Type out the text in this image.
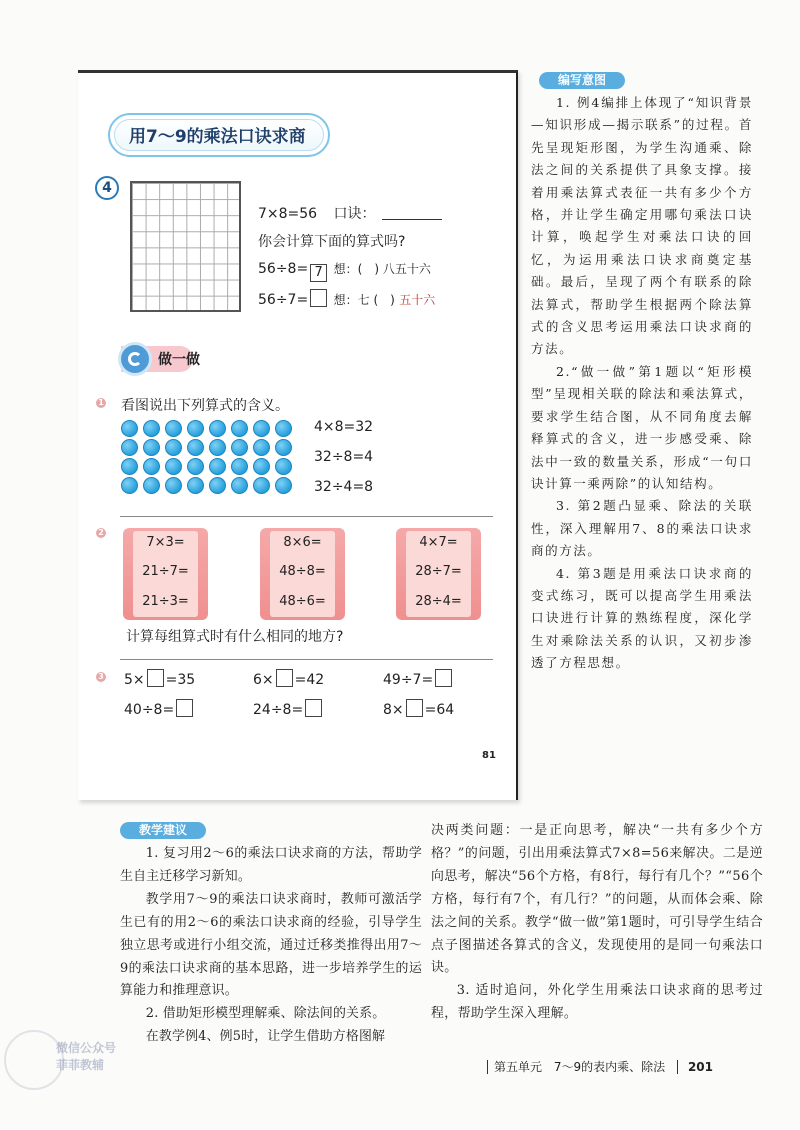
用7～9的乘法口诀求商
4
7×8=56 口诀：
你会计算下面的算式吗?
56÷8= 7 想：(　) 八五十六
56÷7= 想：七 (　) 五十六
做一做
1 看图说出下列算式的含义。
4×8=32
32÷8=4
32÷4=8
2
7×3=
21÷7=
21÷3=
8×6=
48÷8=
48÷6=
4×7=
28÷7=
28÷4=
计算每组算式时有什么相同的地方?
3
81
编写意图

1. 例4编排上体现了“知识背景—知识形成—揭示联系”的过程。首先呈现矩形图，为学生沟通乘、除法之间的关系提供了具象支撑。接着用乘法算式表征一共有多少个方格，并让学生确定用哪句乘法口诀计算，唤起学生对乘法口诀的回忆，为运用乘法口诀求商奠定基础。最后，呈现了两个有联系的除法算式，帮助学生根据两个除法算式的含义思考运用乘法口诀求商的方法。

2.“做一做”第1题以“矩形模型”呈现相关联的除法和乘法算式，要求学生结合图，从不同角度去解释算式的含义，进一步感受乘、除法中一致的数量关系，形成“一句口诀计算一乘两除”的认知结构。

3. 第2题凸显乘、除法的关联性，深入理解用7、8的乘法口诀求商的方法。

4. 第3题是用乘法口诀求商的变式练习，既可以提高学生用乘法口诀进行计算的熟练程度，深化学生对乘除法关系的认识，又初步渗透了方程思想。

教学建议

1. 复习用2～6的乘法口诀求商的方法，帮助学生自主迁移学习新知。

教学用7～9的乘法口诀求商时，教师可激活学生已有的用2～6的乘法口诀求商的经验，引导学生独立思考或进行小组交流，通过迁移类推得出用7～9的乘法口诀求商的基本思路，进一步培养学生的运算能力和推理意识。

2. 借助矩形模型理解乘、除法间的关系。

在教学例4、例5时，让学生借助方格图解

决两类问题：一是正向思考，解决“一共有多少个方格？”的问题，引出用乘法算式7×8=56来解决。二是逆向思考，解决“56个方格，有8行，每行有几个？”“56个方格，每行有7个，有几行？”的问题，从而体会乘、除法之间的关系。教学“做一做”第1题时，可引导学生结合点子图描述各算式的含义，发现使用的是同一句乘法口诀。

3. 适时追问，外化学生用乘法口诀求商的思考过程，帮助学生深入理解。

第五单元 7～9的表内乘、除法 201
微信公众号
菲菲教辅
5× =35	6× =42	49÷7=
40÷8=	24÷8=	8× =64
